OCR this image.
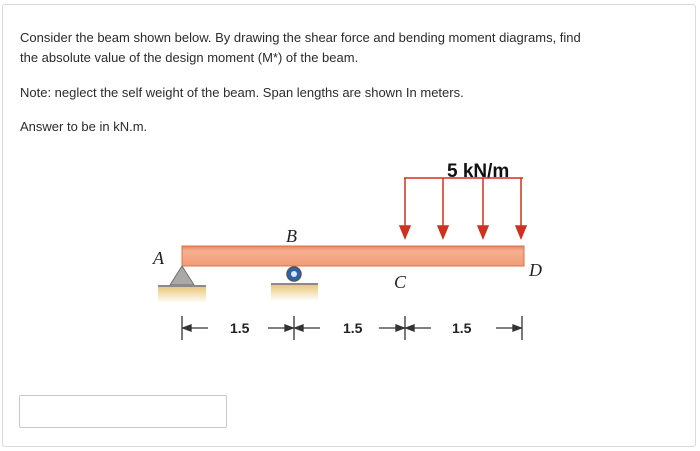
Consider the beam shown below. By drawing the shear force and bending moment diagrams, find
the absolute value of the design moment (M*) of the beam.
Note: neglect the self weight of the beam. Span lengths are shown In meters.
Answer to be in kN.m.
5 kN/m
A
B
C
D
1.5	1.5	1.5
